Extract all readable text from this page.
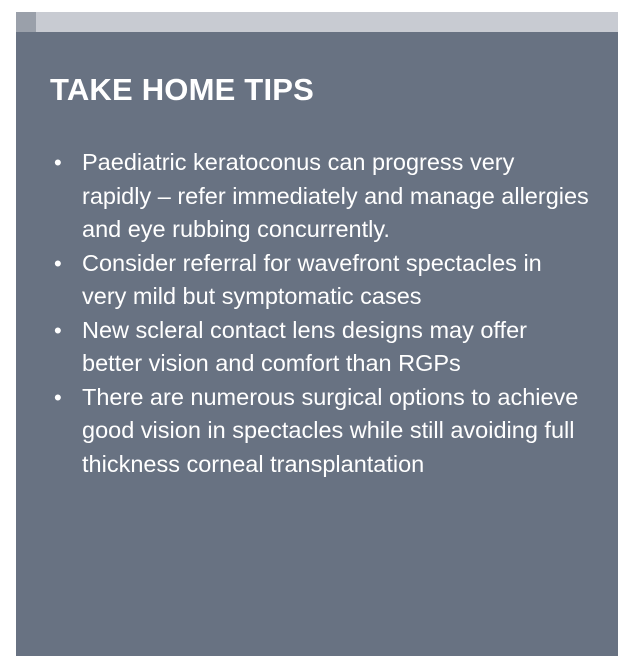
TAKE HOME TIPS
• Paediatric keratoconus can progress very rapidly – refer immediately and manage allergies and eye rubbing concurrently.
• Consider referral for wavefront spectacles in very mild but symptomatic cases
• New scleral contact lens designs may offer better vision and comfort than RGPs
• There are numerous surgical options to achieve good vision in spectacles while still avoiding full thickness corneal transplantation
